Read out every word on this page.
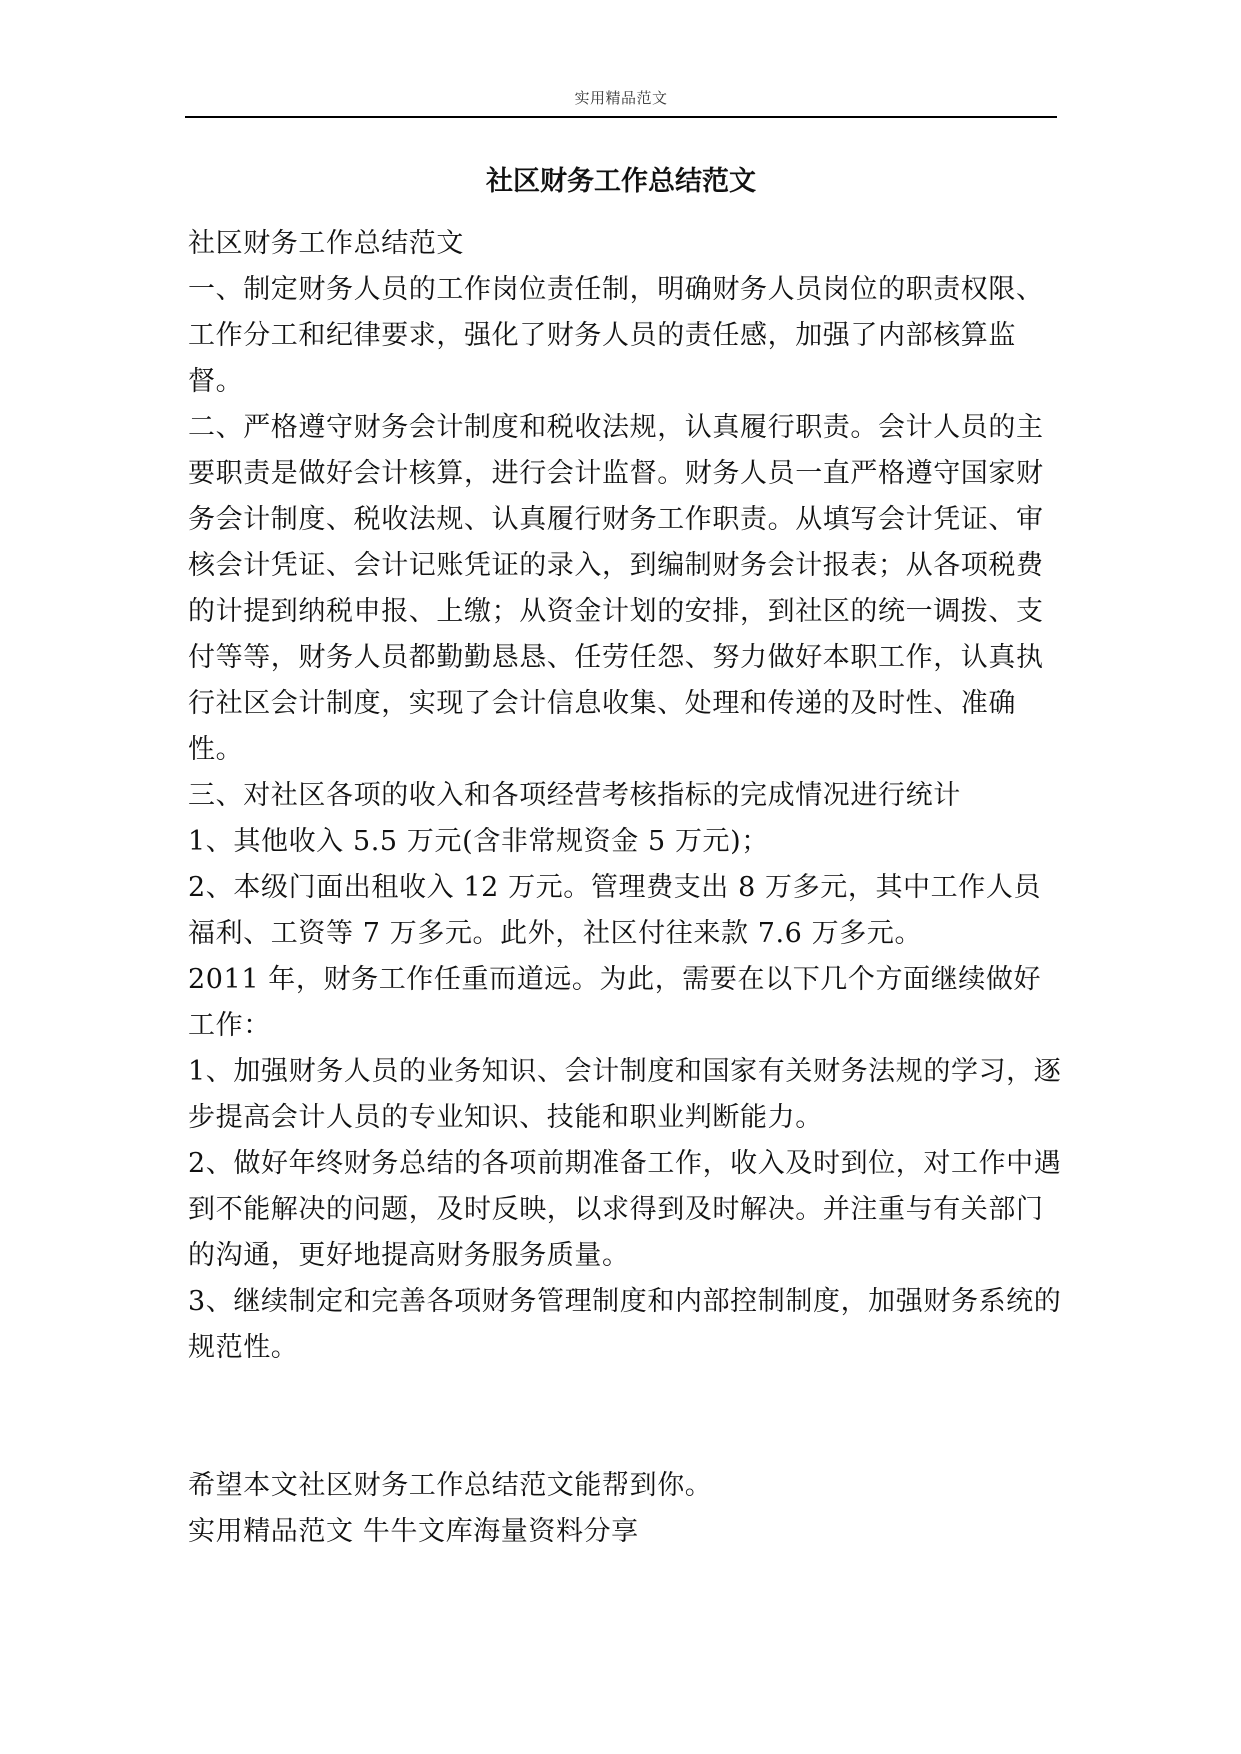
实用精品范文
社区财务工作总结范文

社区财务工作总结范文

一、制定财务人员的工作岗位责任制，明确财务人员岗位的职责权限、工作分工和纪律要求，强化了财务人员的责任感，加强了内部核算监督。

二、严格遵守财务会计制度和税收法规，认真履行职责。会计人员的主要职责是做好会计核算，进行会计监督。财务人员一直严格遵守国家财务会计制度、税收法规、认真履行财务工作职责。从填写会计凭证、审核会计凭证、会计记账凭证的录入，到编制财务会计报表；从各项税费的计提到纳税申报、上缴；从资金计划的安排，到社区的统一调拨、支付等等，财务人员都勤勤恳恳、任劳任怨、努力做好本职工作，认真执行社区会计制度，实现了会计信息收集、处理和传递的及时性、准确性。

三、对社区各项的收入和各项经营考核指标的完成情况进行统计

1、其他收入 5.5 万元(含非常规资金 5 万元)；

2、本级门面出租收入 12 万元。管理费支出 8 万多元，其中工作人员福利、工资等 7 万多元。此外，社区付往来款 7.6 万多元。

2011 年，财务工作任重而道远。为此，需要在以下几个方面继续做好工作：

1、加强财务人员的业务知识、会计制度和国家有关财务法规的学习，逐步提高会计人员的专业知识、技能和职业判断能力。

2、做好年终财务总结的各项前期准备工作，收入及时到位，对工作中遇到不能解决的问题，及时反映，以求得到及时解决。并注重与有关部门的沟通，更好地提高财务服务质量。

3、继续制定和完善各项财务管理制度和内部控制制度，加强财务系统的规范性。

希望本文社区财务工作总结范文能帮到你。

实用精品范文 牛牛文库海量资料分享
